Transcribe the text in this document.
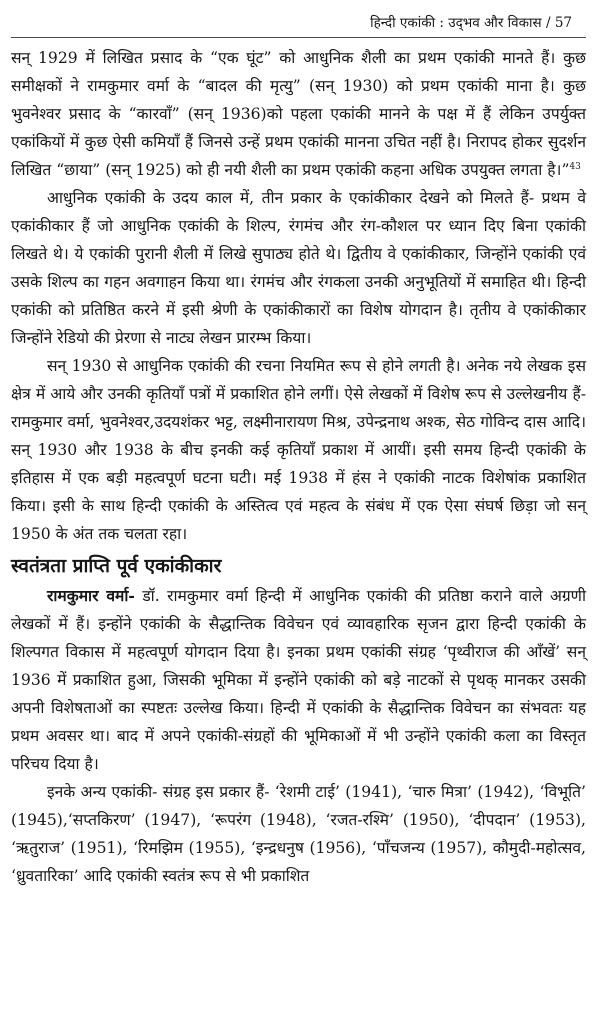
हिन्दी एकांकी : उद्‌भव और विकास / 57

सन् 1929 में लिखित प्रसाद के “एक घूंट” को आधुनिक शैली का प्रथम एकांकी मानते हैं। कुछ समीक्षकों ने रामकुमार वर्मा के “बादल की मृत्यु” (सन् 1930) को प्रथम एकांकी माना है। कुछ भुवनेश्वर प्रसाद के “कारवाँ” (सन् 1936)को पहला एकांकी मानने के पक्ष में हैं लेकिन उपर्युक्त एकांकियों में कुछ ऐसी कमियाँ हैं जिनसे उन्हें प्रथम एकांकी मानना उचित नहीं है। निरापद होकर सुदर्शन लिखित “छाया” (सन् 1925) को ही नयी शैली का प्रथम एकांकी कहना अधिक उपयुक्त लगता है।”$^{43}$

आधुनिक एकांकी के उदय काल में, तीन प्रकार के एकांकीकार देखने को मिलते हैं- प्रथम वे एकांकीकार हैं जो आधुनिक एकांकी के शिल्प, रंगमंच और रंग-कौशल पर ध्यान दिए बिना एकांकी लिखते थे। ये एकांकी पुरानी शैली में लिखे सुपाठ्य होते थे। द्वितीय वे एकांकीकार, जिन्होंने एकांकी एवं उसके शिल्प का गहन अवगाहन किया था। रंगमंच और रंगकला उनकी अनुभूतियों में समाहित थी। हिन्दी एकांकी को प्रतिष्ठित करने में इसी श्रेणी के एकांकीकारों का विशेष योगदान है। तृतीय वे एकांकीकार जिन्होंने रेडियो की प्रेरणा से नाट्य लेखन प्रारम्भ किया।

सन् 1930 से आधुनिक एकांकी की रचना नियमित रूप से होने लगती है। अनेक नये लेखक इस क्षेत्र में आये और उनकी कृतियाँ पत्रों में प्रकाशित होने लगीं। ऐसे लेखकों में विशेष रूप से उल्लेखनीय हैं-रामकुमार वर्मा, भुवनेश्वर,उदयशंकर भट्ट, लक्ष्मीनारायण मिश्र, उपेन्द्रनाथ अश्क, सेठ गोविन्द दास आदि। सन् 1930 और 1938 के बीच इनकी कई कृतियाँ प्रकाश में आयीं। इसी समय हिन्दी एकांकी के इतिहास में एक बड़ी महत्वपूर्ण घटना घटी। मई 1938 में हंस ने एकांकी नाटक विशेषांक प्रकाशित किया। इसी के साथ हिन्दी एकांकी के अस्तित्व एवं महत्व के संबंध में एक ऐसा संघर्ष छिड़ा जो सन् 1950 के अंत तक चलता रहा।

स्वतंत्रता प्राप्ति पूर्व एकांकीकार

रामकुमार वर्मा- डॉ. रामकुमार वर्मा हिन्दी में आधुनिक एकांकी की प्रतिष्ठा कराने वाले अग्रणी लेखकों में हैं। इन्होंने एकांकी के सैद्धान्तिक विवेचन एवं व्यावहारिक सृजन द्वारा हिन्दी एकांकी के शिल्पगत विकास में महत्वपूर्ण योगदान दिया है। इनका प्रथम एकांकी संग्रह ‘पृथ्वीराज की आँखें’ सन् 1936 में प्रकाशित हुआ, जिसकी भूमिका में इन्होंने एकांकी को बड़े नाटकों से पृथक् मानकर उसकी अपनी विशेषताओं का स्पष्टतः उल्लेख किया। हिन्दी में एकांकी के सैद्धान्तिक विवेचन का संभवतः यह प्रथम अवसर था। बाद में अपने एकांकी-संग्रहों की भूमिकाओं में भी उन्होंने एकांकी कला का विस्तृत परिचय दिया है।

इनके अन्य एकांकी- संग्रह इस प्रकार हैं- ‘रेशमी टाई’ (1941), ‘चारु मित्रा’ (1942), ‘विभूति’ (1945),‘सप्तकिरण’ (1947), ‘रूपरंग (1948), ‘रजत-रश्मि’ (1950), ‘दीपदान’ (1953), ‘ऋतुराज’ (1951), ‘रिमझिम (1955), ‘इन्द्रधनुष (1956), ‘पाँचजन्य (1957), कौमुदी-महोत्सव, ‘ध्रुवतारिका’ आदि एकांकी स्वतंत्र रूप से भी प्रकाशित
